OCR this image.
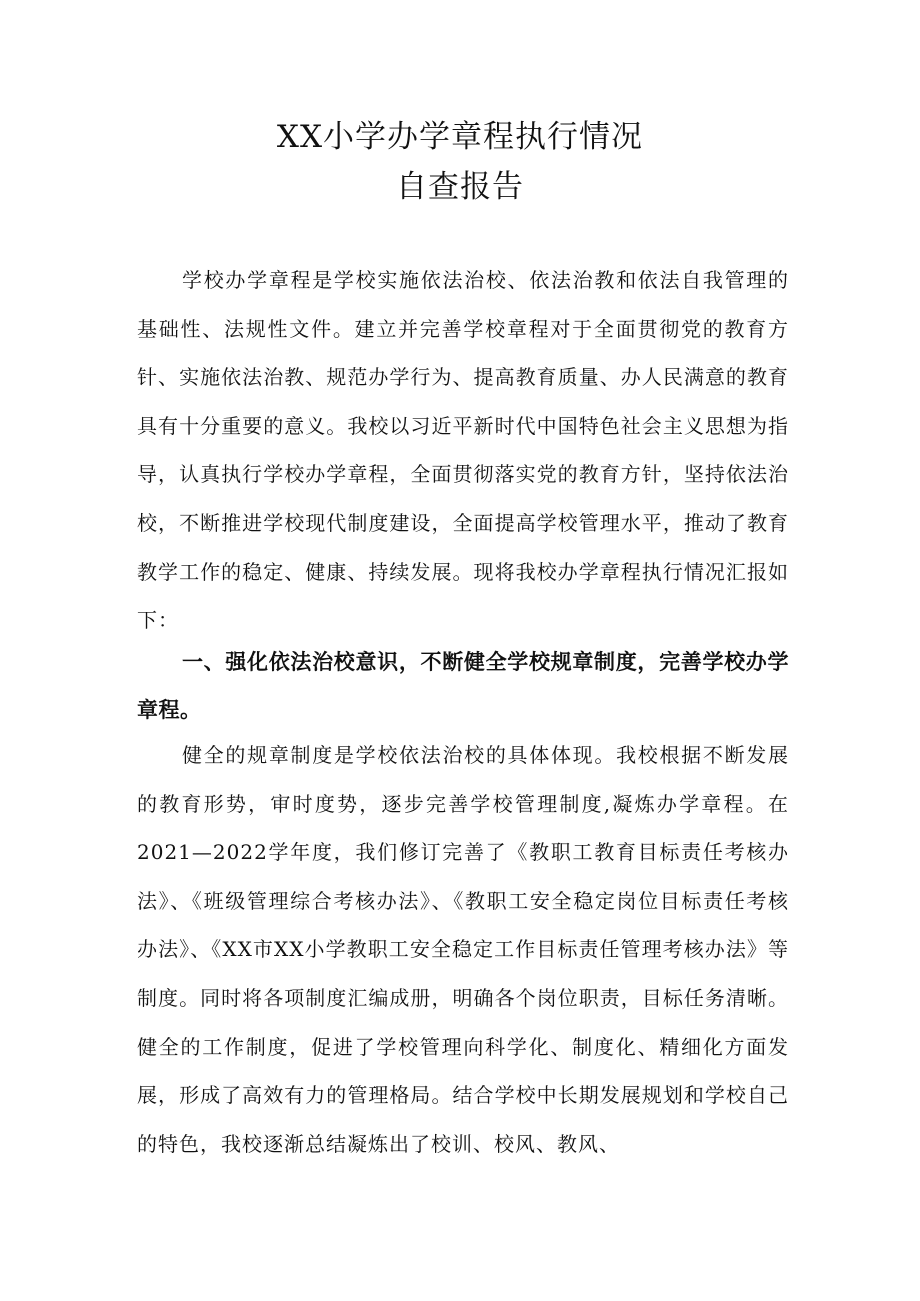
XX小学办学章程执行情况
自查报告

学校办学章程是学校实施依法治校、依法治教和依法自我管理的基础性、法规性文件。建立并完善学校章程对于全面贯彻党的教育方针、实施依法治教、规范办学行为、提高教育质量、办人民满意的教育具有十分重要的意义。我校以习近平新时代中国特色社会主义思想为指导，认真执行学校办学章程，全面贯彻落实党的教育方针，坚持依法治校，不断推进学校现代制度建设，全面提高学校管理水平，推动了教育教学工作的稳定、健康、持续发展。现将我校办学章程执行情况汇报如下：

一、强化依法治校意识，不断健全学校规章制度，完善学校办学章程。

健全的规章制度是学校依法治校的具体体现。我校根据不断发展的教育形势，审时度势，逐步完善学校管理制度,凝炼办学章程。在2021—2022学年度，我们修订完善了《教职工教育目标责任考核办法》、《班级管理综合考核办法》、《教职工安全稳定岗位目标责任考核办法》、《XX市XX小学教职工安全稳定工作目标责任管理考核办法》等制度。同时将各项制度汇编成册，明确各个岗位职责，目标任务清晰。健全的工作制度，促进了学校管理向科学化、制度化、精细化方面发展，形成了高效有力的管理格局。结合学校中长期发展规划和学校自己的特色，我校逐渐总结凝炼出了校训、校风、教风、
